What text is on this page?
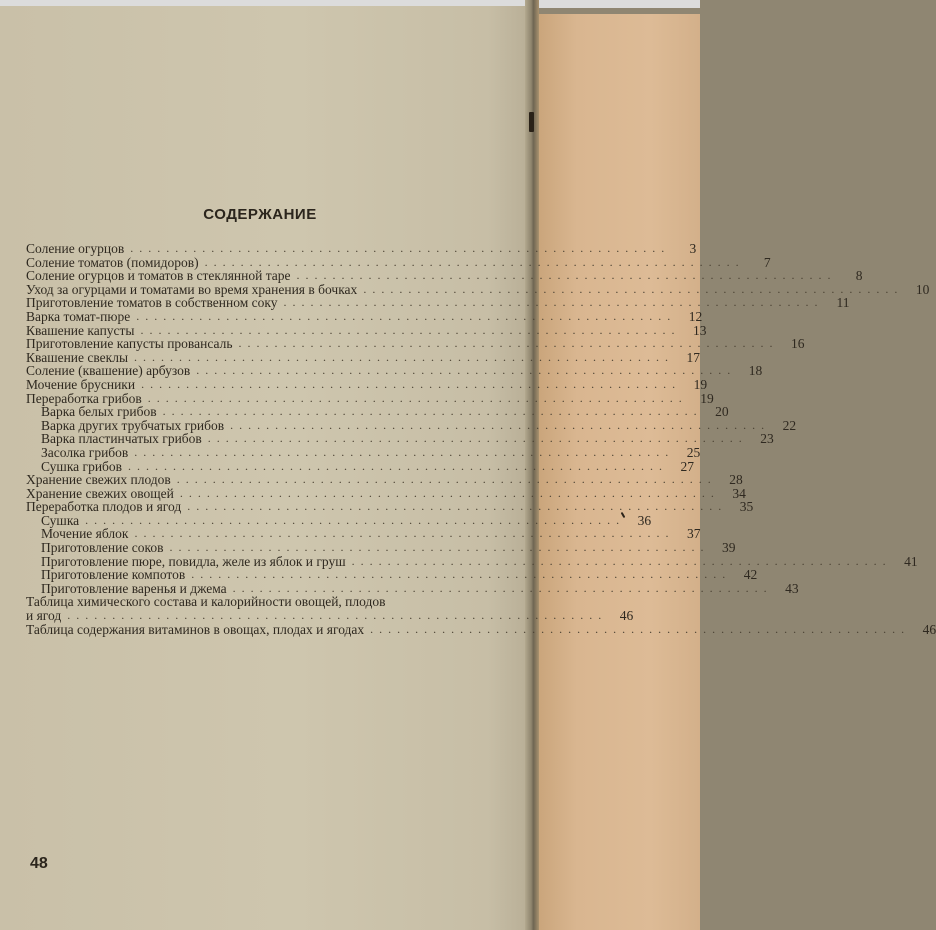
СОДЕРЖАНИЕ
Соление огурцов ............................................................	3
Соление томатов (помидоров) ............................................................	7
Соление огурцов и томатов в стеклянной таре ............................................................	8
Уход за огурцами и томатами во время хранения в бочках ............................................................ 10
Приготовление томатов в собственном соку ............................................................ 11
Варка томат-пюре ............................................................ 12
Квашение капусты ............................................................ 13
Приготовление капусты провансаль ............................................................ 16
Квашение свеклы ............................................................ 17
Соление (квашение) арбузов ............................................................ 18
Мочение брусники ............................................................ 19
Переработка грибов ............................................................ 19
Варка белых грибов ............................................................ 20
Варка других трубчатых грибов ............................................................ 22
Варка пластинчатых грибов ............................................................ 23
Засолка грибов ............................................................ 25
Сушка грибов ............................................................ 27
Хранение свежих плодов ............................................................ 28
Хранение свежих овощей ............................................................ 34
Переработка плодов и ягод ............................................................ 35
Сушка ............................................................ 36
Мочение яблок ............................................................ 37
Приготовление соков ............................................................ 39
Приготовление пюре, повидла, желе из яблок и груш ............................................................ 41
Приготовление компотов ............................................................ 42
Приготовление варенья и джема ............................................................ 43
Таблица химического состава и калорийности овощей, плодов
и ягод ............................................................ 46
Таблица содержания витаминов в овощах, плодах и ягодах ............................................................ 46
48
